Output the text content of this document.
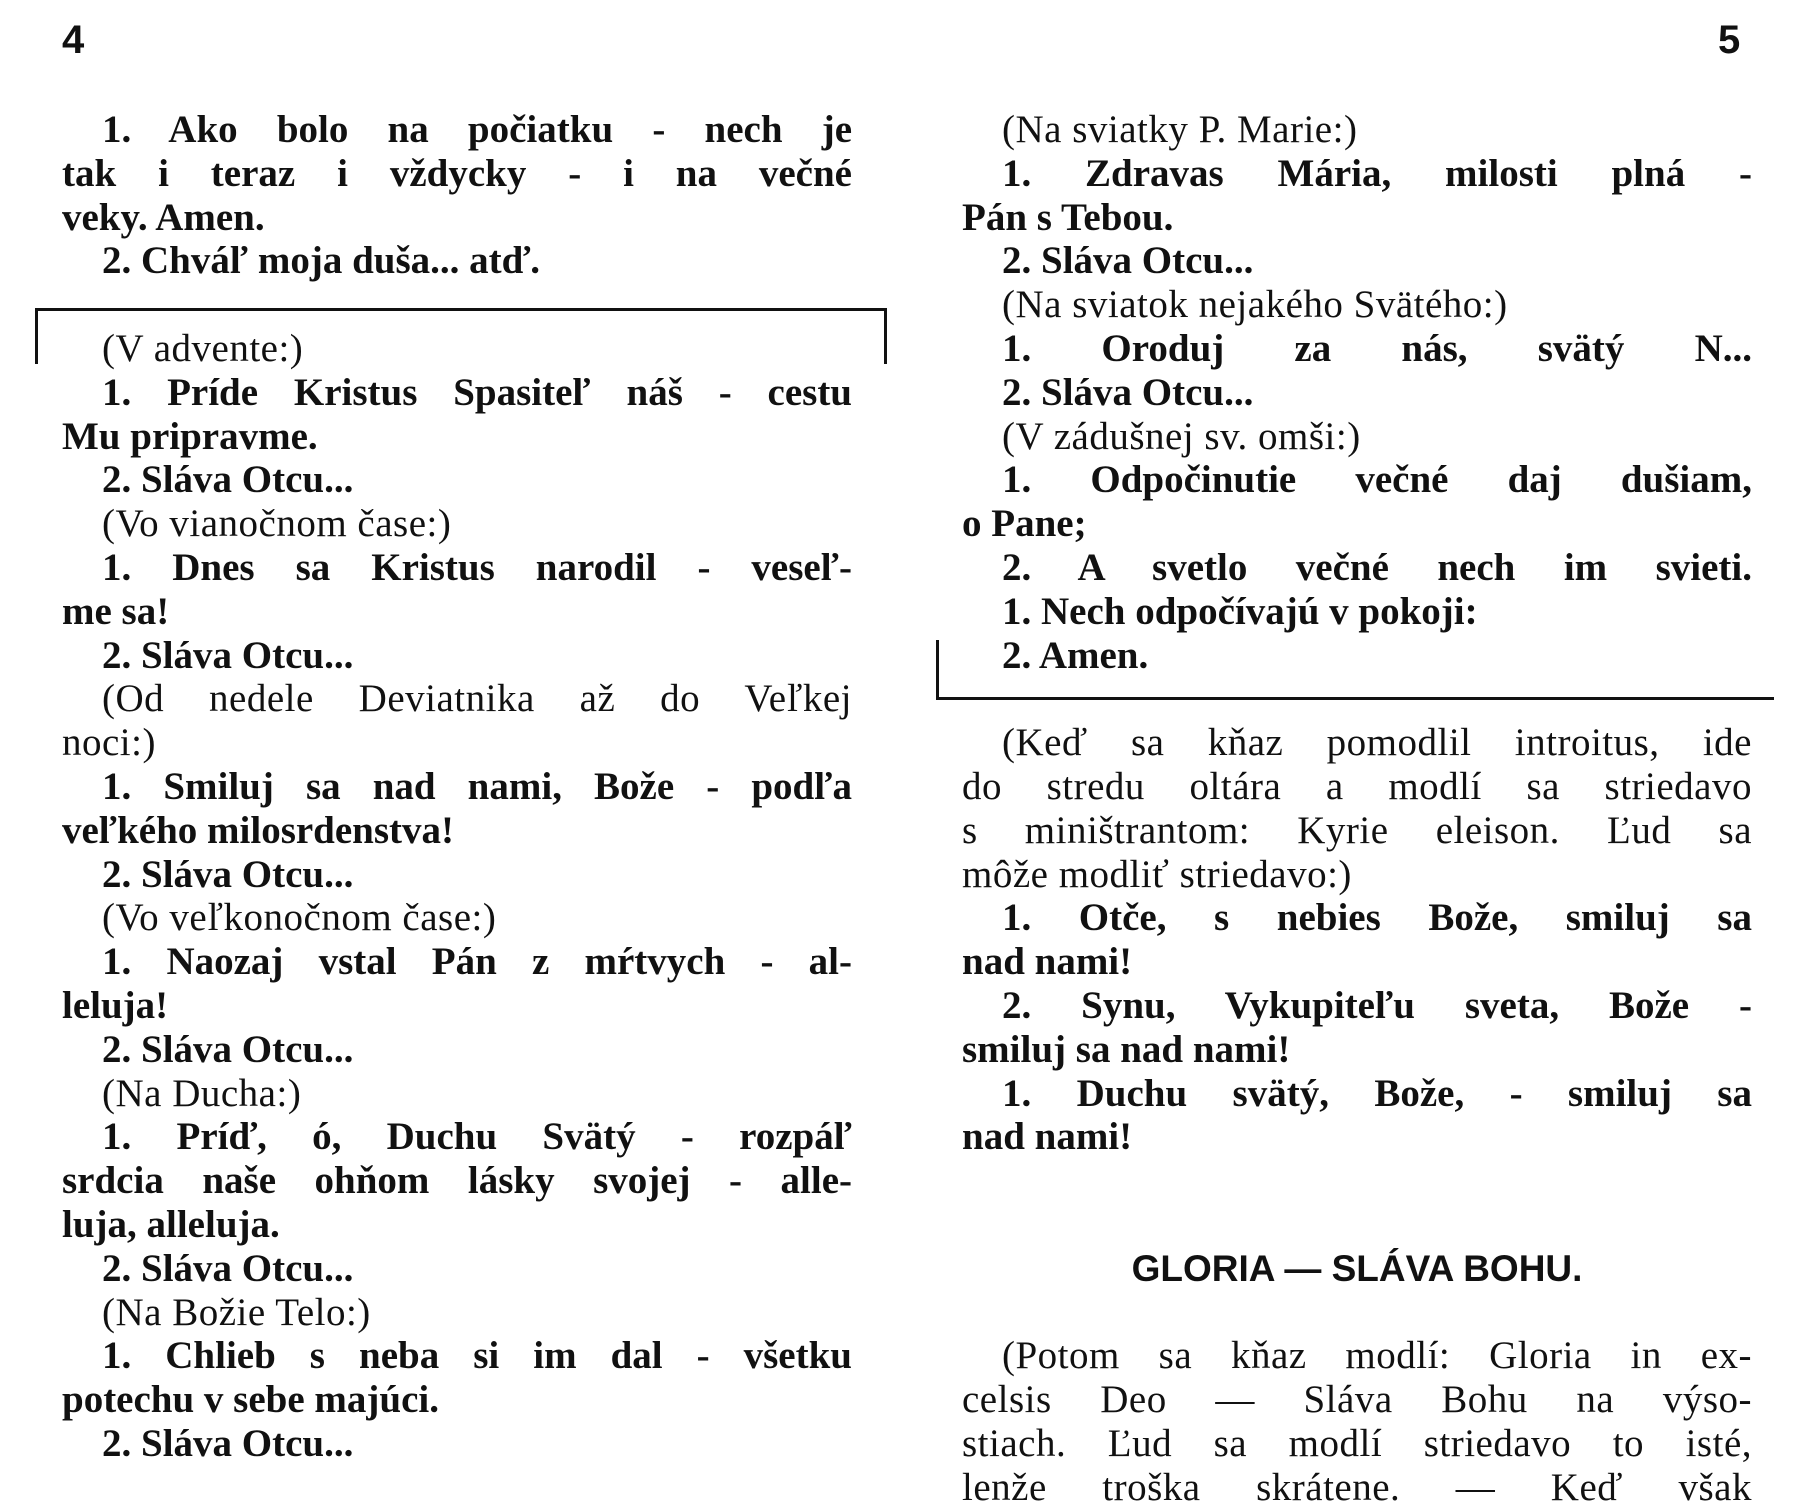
4	5
1. Ako bolo na počiatku - nech je
tak i teraz i vždycky - i na večné
veky. Amen.
2. Chváľ moja duša... atď.

(V advente:)
1. Príde Kristus Spasiteľ náš - cestu
Mu pripravme.
2. Sláva Otcu...
(Vo vianočnom čase:)
1. Dnes sa Kristus narodil - veseľ-
me sa!
2. Sláva Otcu...
(Od nedele Deviatnika až do Veľkej
noci:)
1. Smiluj sa nad nami, Bože - podľa
veľkého milosrdenstva!
2. Sláva Otcu...
(Vo veľkonočnom čase:)
1. Naozaj vstal Pán z mŕtvych - al-
leluja!
2. Sláva Otcu...
(Na Ducha:)
1. Príď, ó, Duchu Svätý - rozpáľ
srdcia naše ohňom lásky svojej - alle-
luja, alleluja.
2. Sláva Otcu...
(Na Božie Telo:)
1. Chlieb s neba si im dal - všetku
potechu v sebe majúci.
2. Sláva Otcu...
(Na sviatky P. Marie:)
1. Zdravas Mária, milosti plná -
Pán s Tebou.
2. Sláva Otcu...
(Na sviatok nejakého Svätého:)
1. Oroduj za nás, svätý N...
2. Sláva Otcu...
(V zádušnej sv. omši:)
1. Odpočinutie večné daj dušiam,
o Pane;
2. A svetlo večné nech im svieti.
1. Nech odpočívajú v pokoji:
2. Amen.

(Keď sa kňaz pomodlil introitus, ide
do stredu oltára a modlí sa striedavo
s miništrantom: Kyrie eleison. Ľud sa
môže modliť striedavo:)
1. Otče, s nebies Bože, smiluj sa
nad nami!
2. Synu, Vykupiteľu sveta, Bože -
smiluj sa nad nami!
1. Duchu svätý, Bože, - smiluj sa
nad nami!

GLORIA — SLÁVA BOHU.

(Potom sa kňaz modlí: Gloria in ex-
celsis Deo — Sláva Bohu na výso-
stiach. Ľud sa modlí striedavo to isté,
lenže troška skrátene. — Keď však
